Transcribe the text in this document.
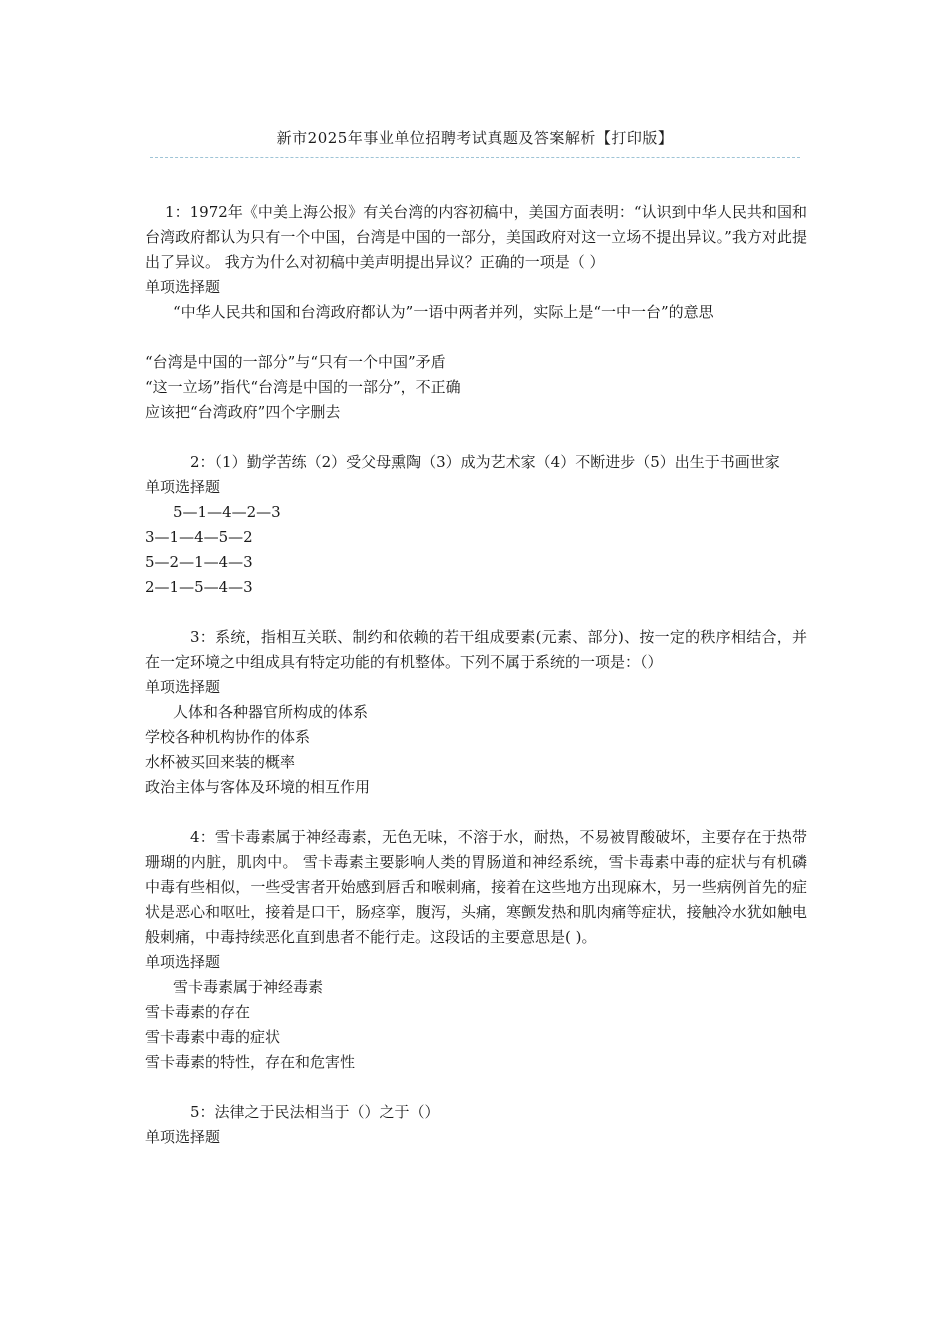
新市2025年事业单位招聘考试真题及答案解析【打印版】

1：1972年《中美上海公报》有关台湾的内容初稿中，美国方面表明：“认识到中华人民共和国和台湾政府都认为只有一个中国，台湾是中国的一部分，美国政府对这一立场不提出异议。”我方对此提出了异议。 我方为什么对初稿中美声明提出异议？正确的一项是（ ）

单项选择题

“中华人民共和国和台湾政府都认为”一语中两者并列，实际上是“一中一台”的意思

“台湾是中国的一部分”与“只有一个中国”矛盾

“这一立场”指代“台湾是中国的一部分”，不正确

应该把“台湾政府”四个字删去

2：（1）勤学苦练（2）受父母熏陶（3）成为艺术家（4）不断进步（5）出生于书画世家

单项选择题

5—1—4—2—3

3—1—4—5—2

5—2—1—4—3

2—1—5—4—3

3：系统，指相互关联、制约和依赖的若干组成要素(元素、部分)、按一定的秩序相结合，并在一定环境之中组成具有特定功能的有机整体。下列不属于系统的一项是：（）

单项选择题

人体和各种器官所构成的体系

学校各种机构协作的体系

水杯被买回来装的概率

政治主体与客体及环境的相互作用

4：雪卡毒素属于神经毒素，无色无味，不溶于水，耐热，不易被胃酸破坏，主要存在于热带珊瑚的内脏，肌肉中。 雪卡毒素主要影响人类的胃肠道和神经系统，雪卡毒素中毒的症状与有机磷中毒有些相似，一些受害者开始感到唇舌和喉刺痛，接着在这些地方出现麻木，另一些病例首先的症状是恶心和呕吐，接着是口干，肠痉挛，腹泻，头痛，寒颤发热和肌肉痛等症状，接触冷水犹如触电般刺痛，中毒持续恶化直到患者不能行走。这段话的主要意思是( )。

单项选择题

雪卡毒素属于神经毒素

雪卡毒素的存在

雪卡毒素中毒的症状

雪卡毒素的特性，存在和危害性

5：法律之于民法相当于（）之于（）

单项选择题
